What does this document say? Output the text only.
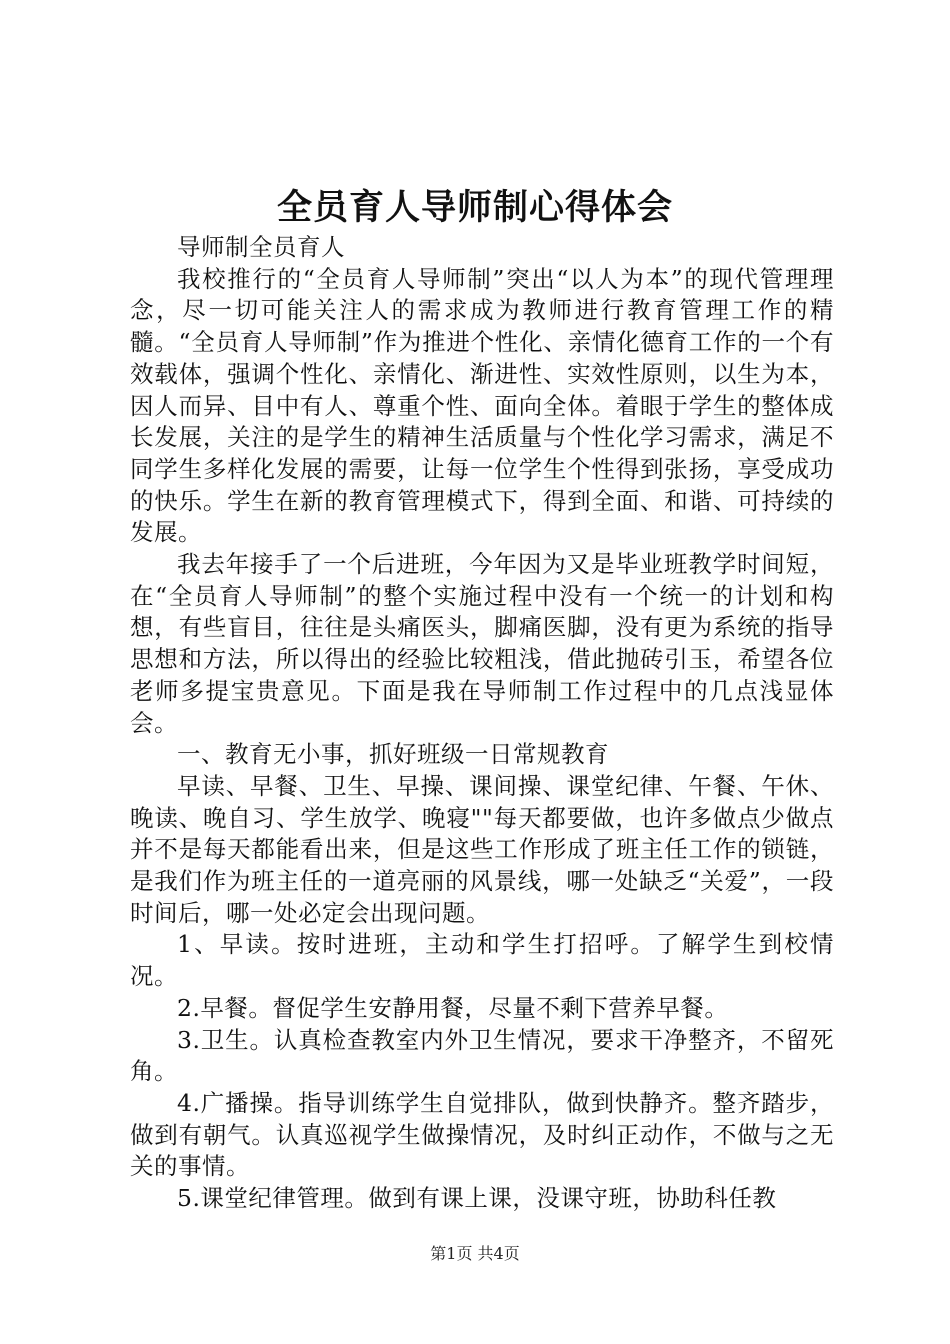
全员育人导师制心得体会

导师制全员育人

我校推行的“全员育人导师制”突出“以人为本”的现代管理理念，尽一切可能关注人的需求成为教师进行教育管理工作的精髓。“全员育人导师制”作为推进个性化、亲情化德育工作的一个有效载体，强调个性化、亲情化、渐进性、实效性原则，以生为本，因人而异、目中有人、尊重个性、面向全体。着眼于学生的整体成长发展，关注的是学生的精神生活质量与个性化学习需求，满足不同学生多样化发展的需要，让每一位学生个性得到张扬，享受成功的快乐。学生在新的教育管理模式下，得到全面、和谐、可持续的发展。

我去年接手了一个后进班，今年因为又是毕业班教学时间短，在“全员育人导师制”的整个实施过程中没有一个统一的计划和构想，有些盲目，往往是头痛医头，脚痛医脚，没有更为系统的指导思想和方法，所以得出的经验比较粗浅，借此抛砖引玉，希望各位老师多提宝贵意见。下面是我在导师制工作过程中的几点浅显体会。

一、教育无小事，抓好班级一日常规教育

早读、早餐、卫生、早操、课间操、课堂纪律、午餐、午休、晚读、晚自习、学生放学、晚寝""每天都要做，也许多做点少做点并不是每天都能看出来，但是这些工作形成了班主任工作的锁链，是我们作为班主任的一道亮丽的风景线，哪一处缺乏“关爱”，一段时间后，哪一处必定会出现问题。

1、早读。按时进班，主动和学生打招呼。了解学生到校情况。

2.早餐。督促学生安静用餐，尽量不剩下营养早餐。

3.卫生。认真检查教室内外卫生情况，要求干净整齐，不留死角。

4.广播操。指导训练学生自觉排队，做到快静齐。整齐踏步，做到有朝气。认真巡视学生做操情况，及时纠正动作，不做与之无关的事情。

5.课堂纪律管理。做到有课上课，没课守班，协助科任教

第1页 共4页
